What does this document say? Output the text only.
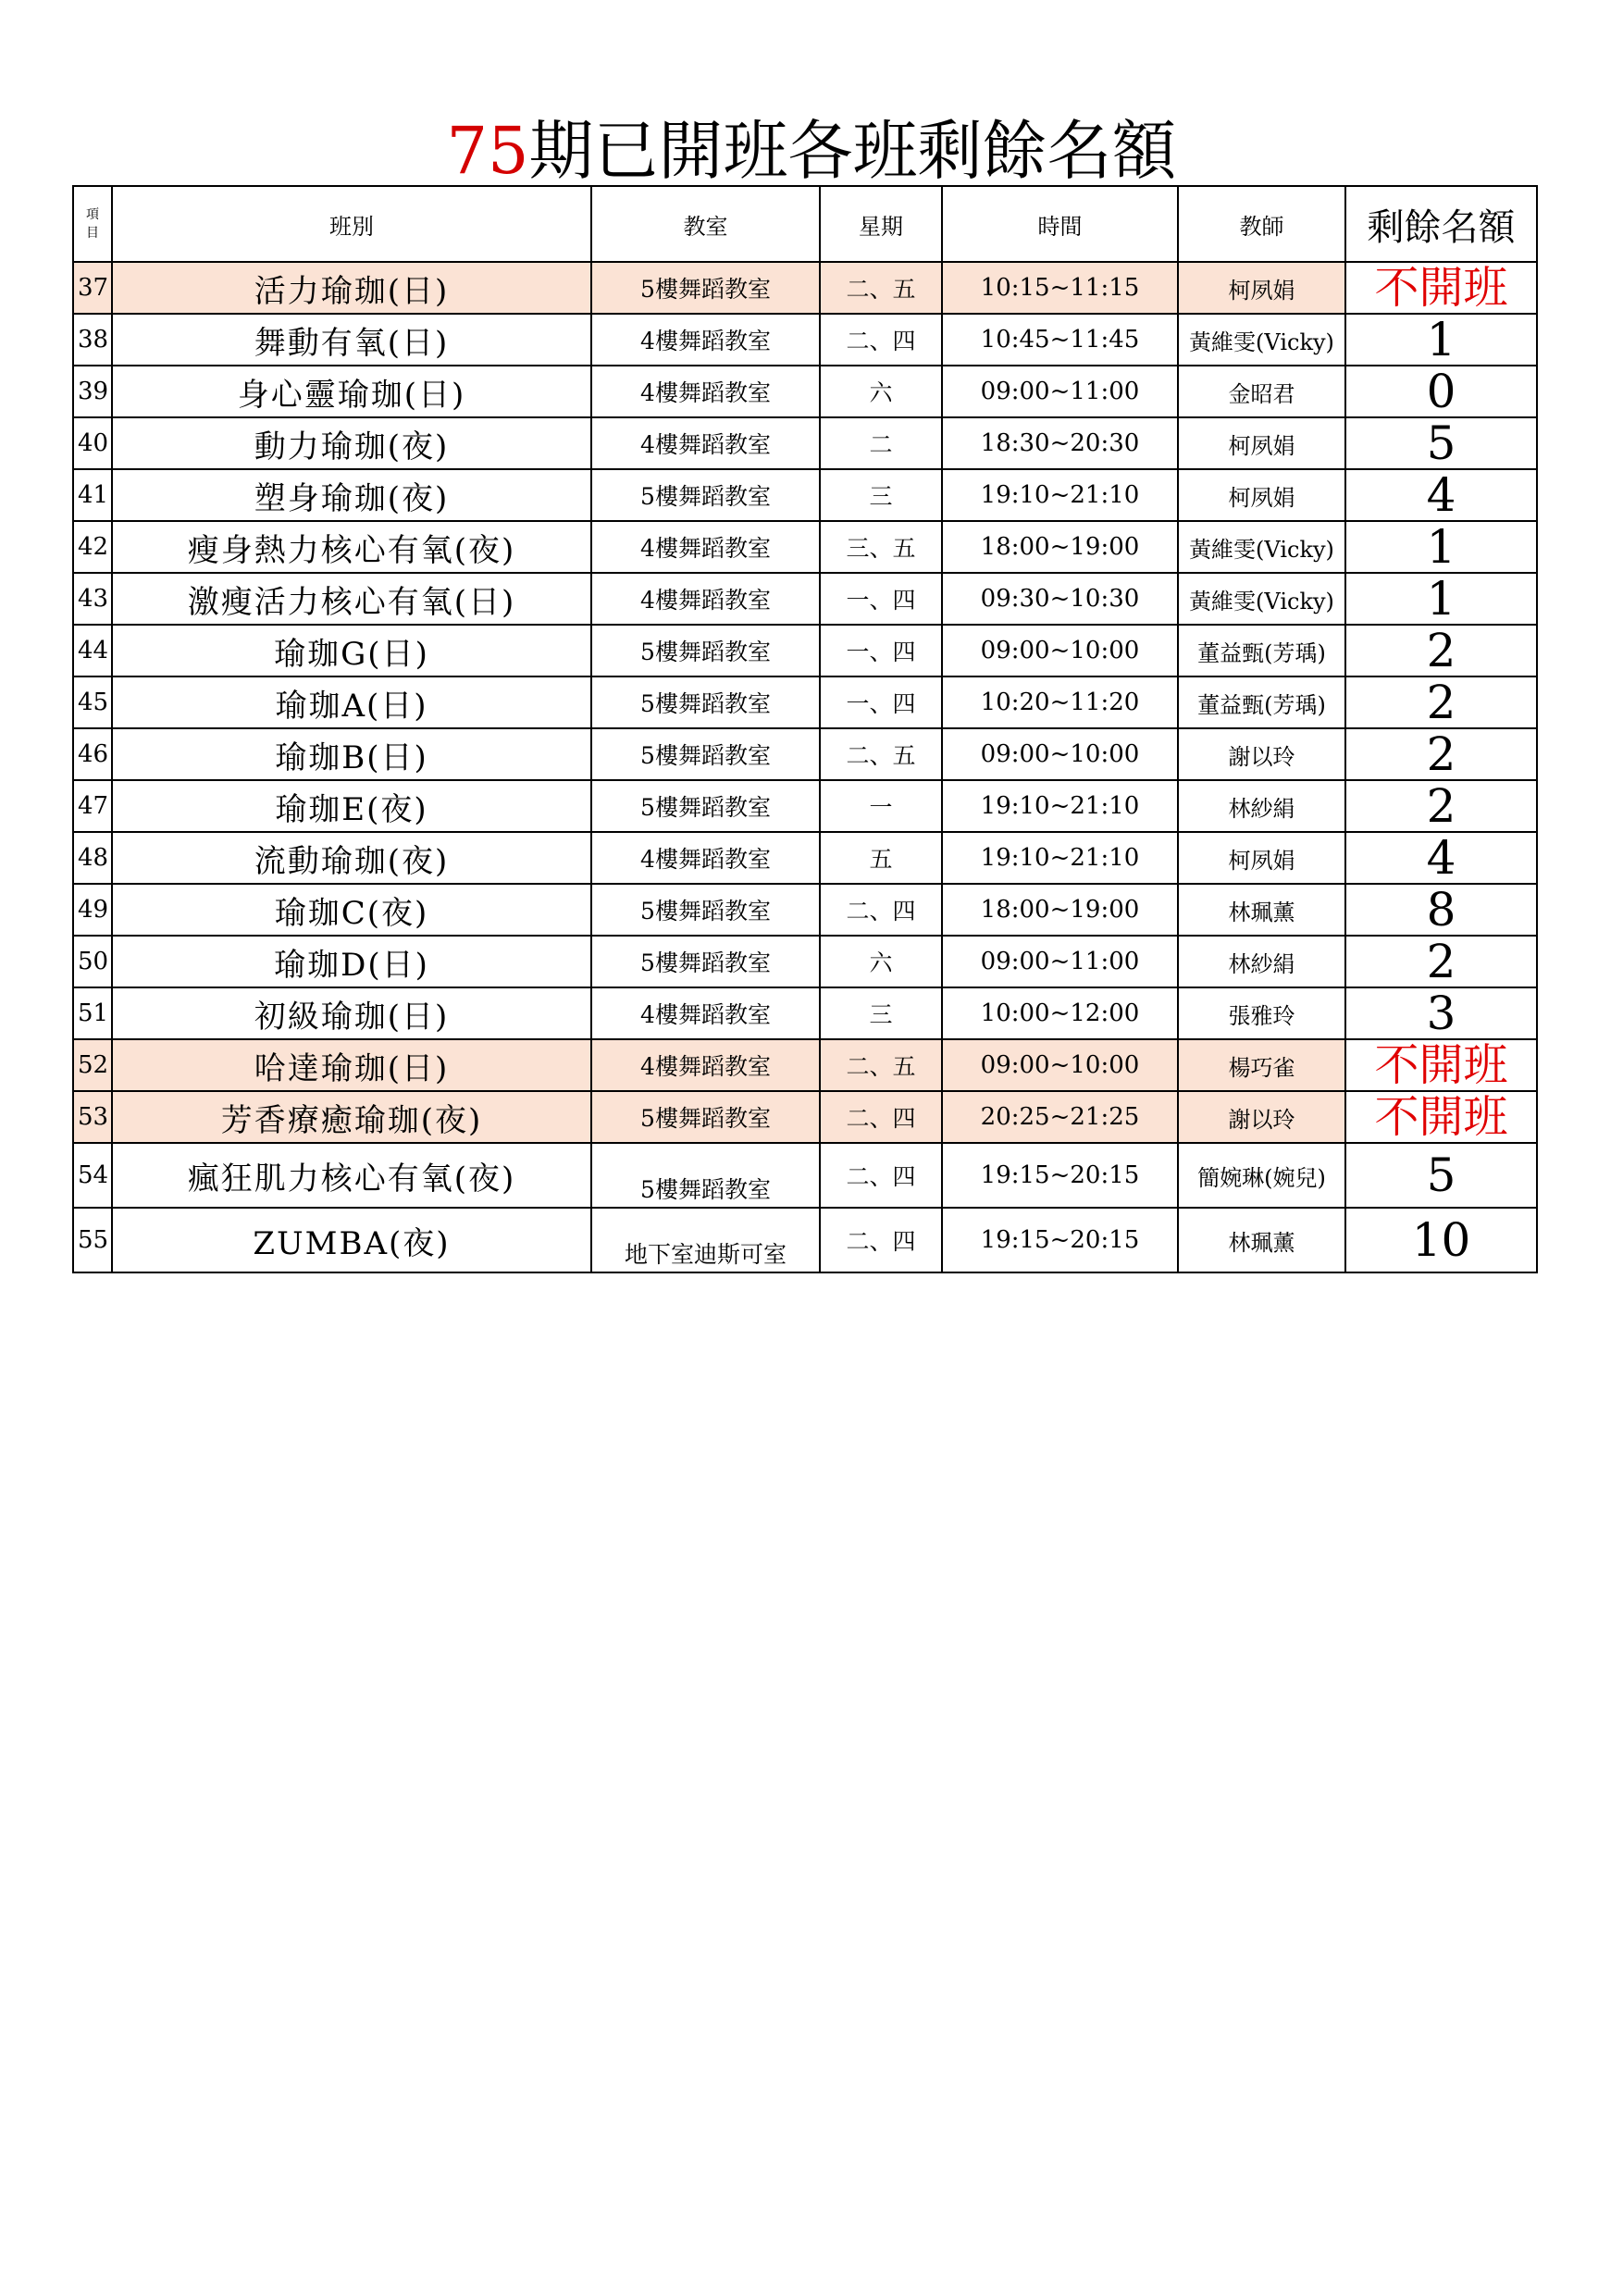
75期已開班各班剩餘名額
項目	班別	教室	星期	時間	教師	剩餘名額
37	活力瑜珈(日)	5樓舞蹈教室	二、五	10:15~11:15	柯夙娟	不開班
38	舞動有氧(日)	4樓舞蹈教室	二、四	10:45~11:45	黃維雯(Vicky)	1
39	身心靈瑜珈(日)	4樓舞蹈教室	六	09:00~11:00	金昭君	0
40	動力瑜珈(夜)	4樓舞蹈教室	二	18:30~20:30	柯夙娟	5
41	塑身瑜珈(夜)	5樓舞蹈教室	三	19:10~21:10	柯夙娟	4
42	瘦身熱力核心有氧(夜)	4樓舞蹈教室	三、五	18:00~19:00	黃維雯(Vicky)	1
43	激瘦活力核心有氧(日)	4樓舞蹈教室	一、四	09:30~10:30	黃維雯(Vicky)	1
44	瑜珈G(日)	5樓舞蹈教室	一、四	09:00~10:00	董益甄(芳瑀)	2
45	瑜珈A(日)	5樓舞蹈教室	一、四	10:20~11:20	董益甄(芳瑀)	2
46	瑜珈B(日)	5樓舞蹈教室	二、五	09:00~10:00	謝以玲	2
47	瑜珈E(夜)	5樓舞蹈教室	一	19:10~21:10	林紗絹	2
48	流動瑜珈(夜)	4樓舞蹈教室	五	19:10~21:10	柯夙娟	4
49	瑜珈C(夜)	5樓舞蹈教室	二、四	18:00~19:00	林珮薰	8
50	瑜珈D(日)	5樓舞蹈教室	六	09:00~11:00	林紗絹	2
51	初級瑜珈(日)	4樓舞蹈教室	三	10:00~12:00	張雅玲	3
52	哈達瑜珈(日)	4樓舞蹈教室	二、五	09:00~10:00	楊巧雀	不開班
53	芳香療癒瑜珈(夜)	5樓舞蹈教室	二、四	20:25~21:25	謝以玲	不開班
54	瘋狂肌力核心有氧(夜)	5樓舞蹈教室	二、四	19:15~20:15	簡婉琳(婉兒)	5
55	ZUMBA(夜)	地下室迪斯可室	二、四	19:15~20:15	林珮薰	10
